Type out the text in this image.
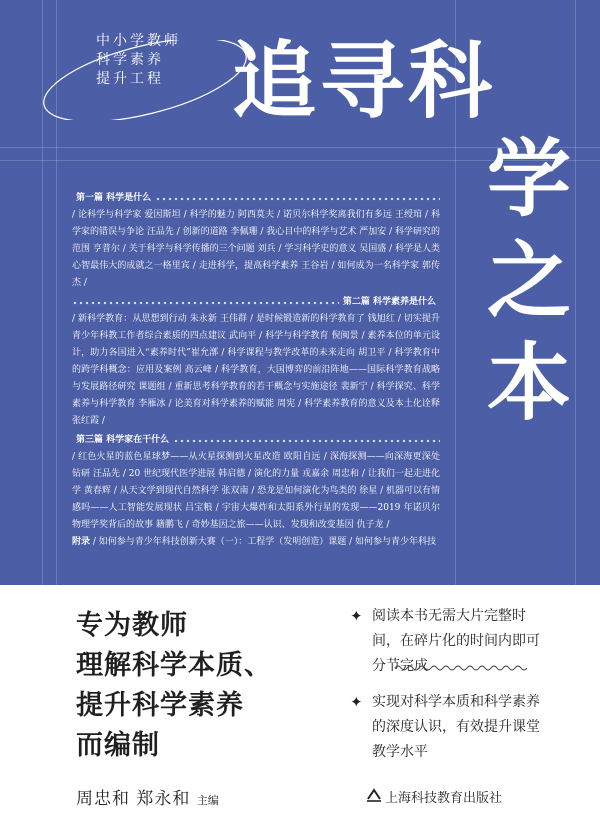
中小学教师
科学素养
提升工程 追寻科
学
之
本
第一篇 科学是什么
/ 论科学与科学家 爱因斯坦 / 科学的魅力 阿西莫夫 / 诺贝尔科学奖离我们有多远 王绶琯 / 科学家的错误与争论 汪品先 / 创新的道路 李佩珊 / 我心目中的科学与艺术 严加安 / 科学研究的范围 亨普尔 / 关于科学与科学传播的三个问题 刘兵 / 学习科学史的意义 吴国盛 / 科学是人类心智最伟大的成就之一格里宾 / 走进科学，提高科学素养 王谷岩 / 如何成为一名科学家 郭传杰 /
第二篇 科学素养是什么
/ 新科学教育：从思想到行动 朱永新 王伟群 / 是时候锻造新的科学教育了 钱旭红 / 切实提升青少年科教工作者综合素质的四点建议 武向平 / 科学与科学教育 倪闽景 / 素养本位的单元设计，助力各国进入“素养时代”崔允漷 / 科学课程与教学改革的未来走向 胡卫平 / 科学教育中的跨学科概念：应用及案例 高云峰 / 科学教育，大国博弈的前沿阵地——国际科学教育战略与发展路径研究 课题组 / 重新思考科学教育的若干概念与实施途径 裴新宁 / 科学探究、科学素养与科学教育 李雁冰 / 论美育对科学素养的赋能 周宪 / 科学素养教育的意义及本土化诠释 张红霞 /
第三篇 科学家在干什么
/ 红色火星的蓝色星球梦——从火星探测到火星改造 欧阳自远 / 深海探测——向深海更深处钻研 汪品先 / 20 世纪现代医学进展 韩启德 / 演化的力量 戎嘉余 周忠和 / 让我们一起走进化学 黄春辉 / 从天文学到现代自然科学 张双南 / 恐龙是如何演化为鸟类的 徐星 / 机器可以有情感吗——人工智能发展现状 吕宝粮 / 宇宙大爆炸和太阳系外行星的发现——2019 年诺贝尔物理学奖背后的故事 籍鹏飞 / 奇妙基因之旅——认识、发现和改变基因 仇子龙 /
附录 / 如何参与青少年科技创新大赛（一）：工程学（发明创造）课题 / 如何参与青少年科技
专为教师
理解科学本质、
提升科学素养
而编制
✦ 阅读本书无需大片完整时间，在碎片化的时间内即可分节完成
✦ 实现对科学本质和科学素养的深度认识，有效提升课堂教学水平
周忠和 郑永和 主编	上海科技教育出版社
